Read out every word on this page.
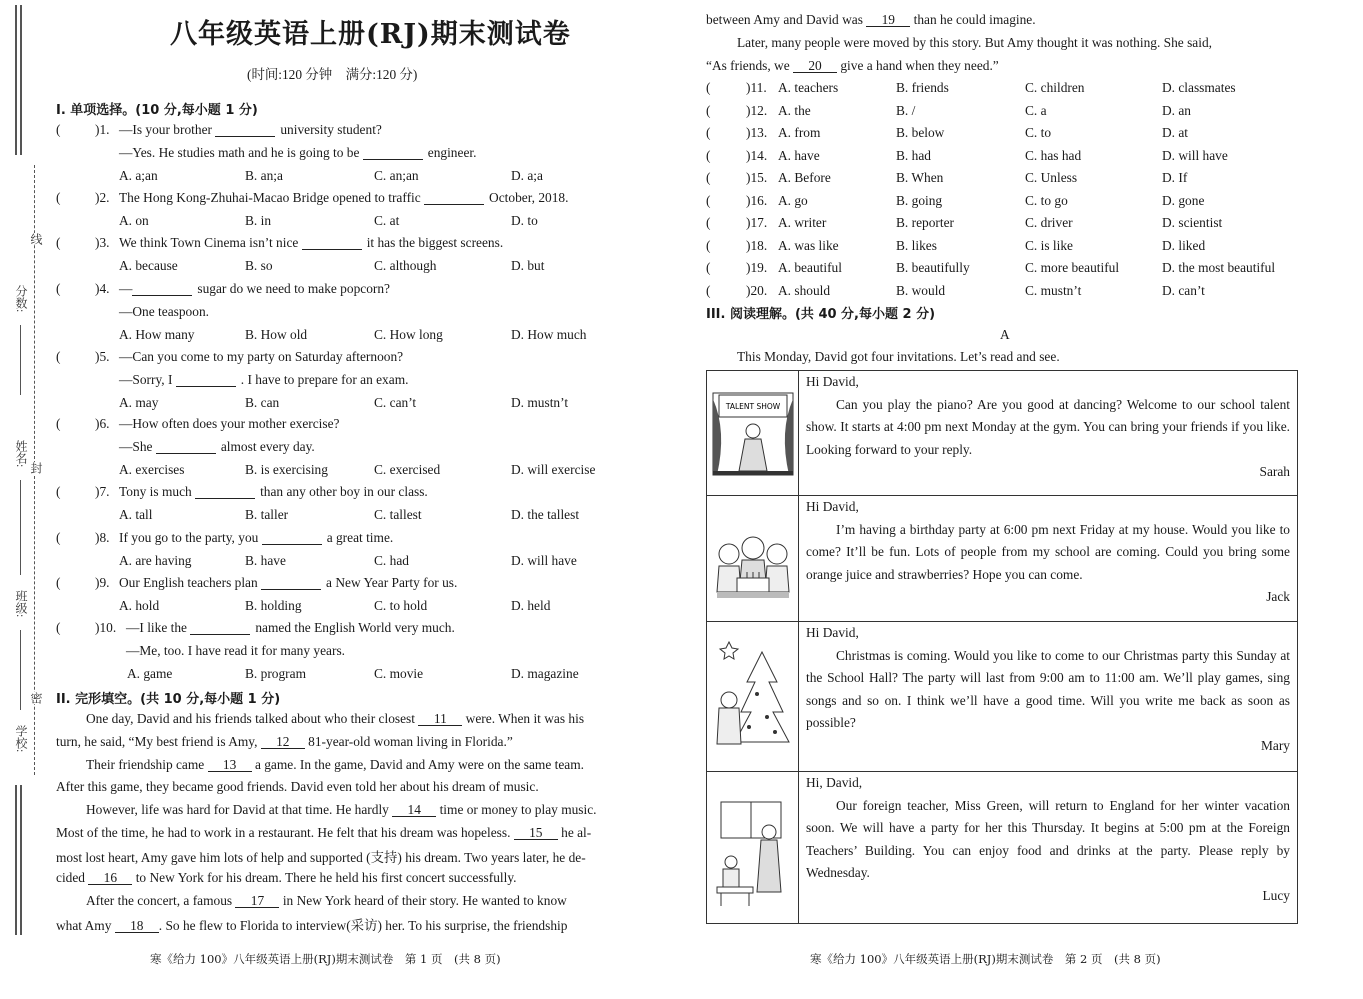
分数:
姓名:
班级:
学校:
线
封
密
八年级英语上册(RJ)期末测试卷
(时间:120 分钟　满分:120 分)
I. 单项选择。(10 分,每小题 1 分)
(	)1. —Is your brother	university student?
—Yes. He studies math and he is going to be	engineer.
A. a;an	B. an;a	C. an;an	D. a;a
(	)2. The Hong Kong-Zhuhai-Macao Bridge opened to traffic	October, 2018.
A. on	B. in	C. at	D. to
(	)3. We think Town Cinema isn’t nice	it has the biggest screens.
A. because	B. so	C. although	D. but
(	)4. —	sugar do we need to make popcorn?
—One teaspoon.
A. How many	B. How old	C. How long	D. How much
(	)5. —Can you come to my party on Saturday afternoon?
—Sorry, I	. I have to prepare for an exam.
A. may	B. can	C. can’t	D. mustn’t
(	)6. —How often does your mother exercise?
—She	almost every day.
A. exercises	B. is exercising	C. exercised	D. will exercise
(	)7. Tony is much	than any other boy in our class.
A. tall	B. taller	C. tallest	D. the tallest
(	)8. If you go to the party, you	a great time.
A. are having	B. have	C. had	D. will have
(	)9. Our English teachers plan	a New Year Party for us.
A. hold	B. holding	C. to hold	D. held
(	)10. —I like the	named the English World very much.
—Me, too. I have read it for many years.
A. game	B. program	C. movie	D. magazine
II. 完形填空。(共 10 分,每小题 1 分)
One day, David and his friends talked about who their closest 11 were. When it was his
turn, he said, “My best friend is Amy, 12 81-year-old woman living in Florida.”
Their friendship came 13 a game. In the game, David and Amy were on the same team.
After this game, they became good friends. David even told her about his dream of music.
However, life was hard for David at that time. He hardly 14 time or money to play music.
Most of the time, he had to work in a restaurant. He felt that his dream was hopeless. 15 he al-
most lost heart, Amy gave him lots of help and supported (支持) his dream. Two years later, he de-
cided 16 to New York for his dream. There he held his first concert successfully.
After the concert, a famous 17 in New York heard of their story. He wanted to know
what Amy 18 . So he flew to Florida to interview(采访) her. To his surprise, the friendship
寒《给力 100》八年级英语上册(RJ)期末测试卷　第 1 页　(共 8 页)
between Amy and David was 19 than he could imagine.
Later, many people were moved by this story. But Amy thought it was nothing. She said,
“As friends, we 20 give a hand when they need.”
(	)11. A. teachers	B. friends	C. children	D. classmates
(	)12. A. the	B. /	C. a	D. an
(	)13. A. from	B. below	C. to	D. at
(	)14. A. have	B. had	C. has had	D. will have
(	)15. A. Before	B. When	C. Unless	D. If
(	)16. A. go	B. going	C. to go	D. gone
(	)17. A. writer	B. reporter	C. driver	D. scientist
(	)18. A. was like	B. likes	C. is like	D. liked
(	)19. A. beautiful	B. beautifully	C. more beautiful	D. the most beautiful
(	)20. A. should	B. would	C. mustn’t	D. can’t
III. 阅读理解。(共 40 分,每小题 2 分)
A
This Monday, David got four invitations. Let’s read and see.
TALENT SHOW
Hi David,

Can you play the piano? Are you good at dancing? Welcome to our school talent show. It starts at 4:00 pm next Monday at the gym. You can bring your friends if you like. Looking forward to your reply.

Sarah
Hi David,

I’m having a birthday party at 6:00 pm next Friday at my house. Would you like to come? It’ll be fun. Lots of people from my school are coming. Could you bring some orange juice and strawberries? Hope you can come.

Jack
Hi David,

Christmas is coming. Would you like to come to our Christmas party this Sunday at the School Hall? The party will last from 9:00 am to 11:00 am. We’ll play games, sing songs and so on. I think we’ll have a good time. Will you write me back as soon as possible?

Mary
Hi, David,

Our foreign teacher, Miss Green, will return to England for her winter vacation soon. We will have a party for her this Thursday. It begins at 5:00 pm at the Foreign Teachers’ Building. You can enjoy food and drinks at the party. Please reply by Wednesday.

Lucy
寒《给力 100》八年级英语上册(RJ)期末测试卷　第 2 页　(共 8 页)
